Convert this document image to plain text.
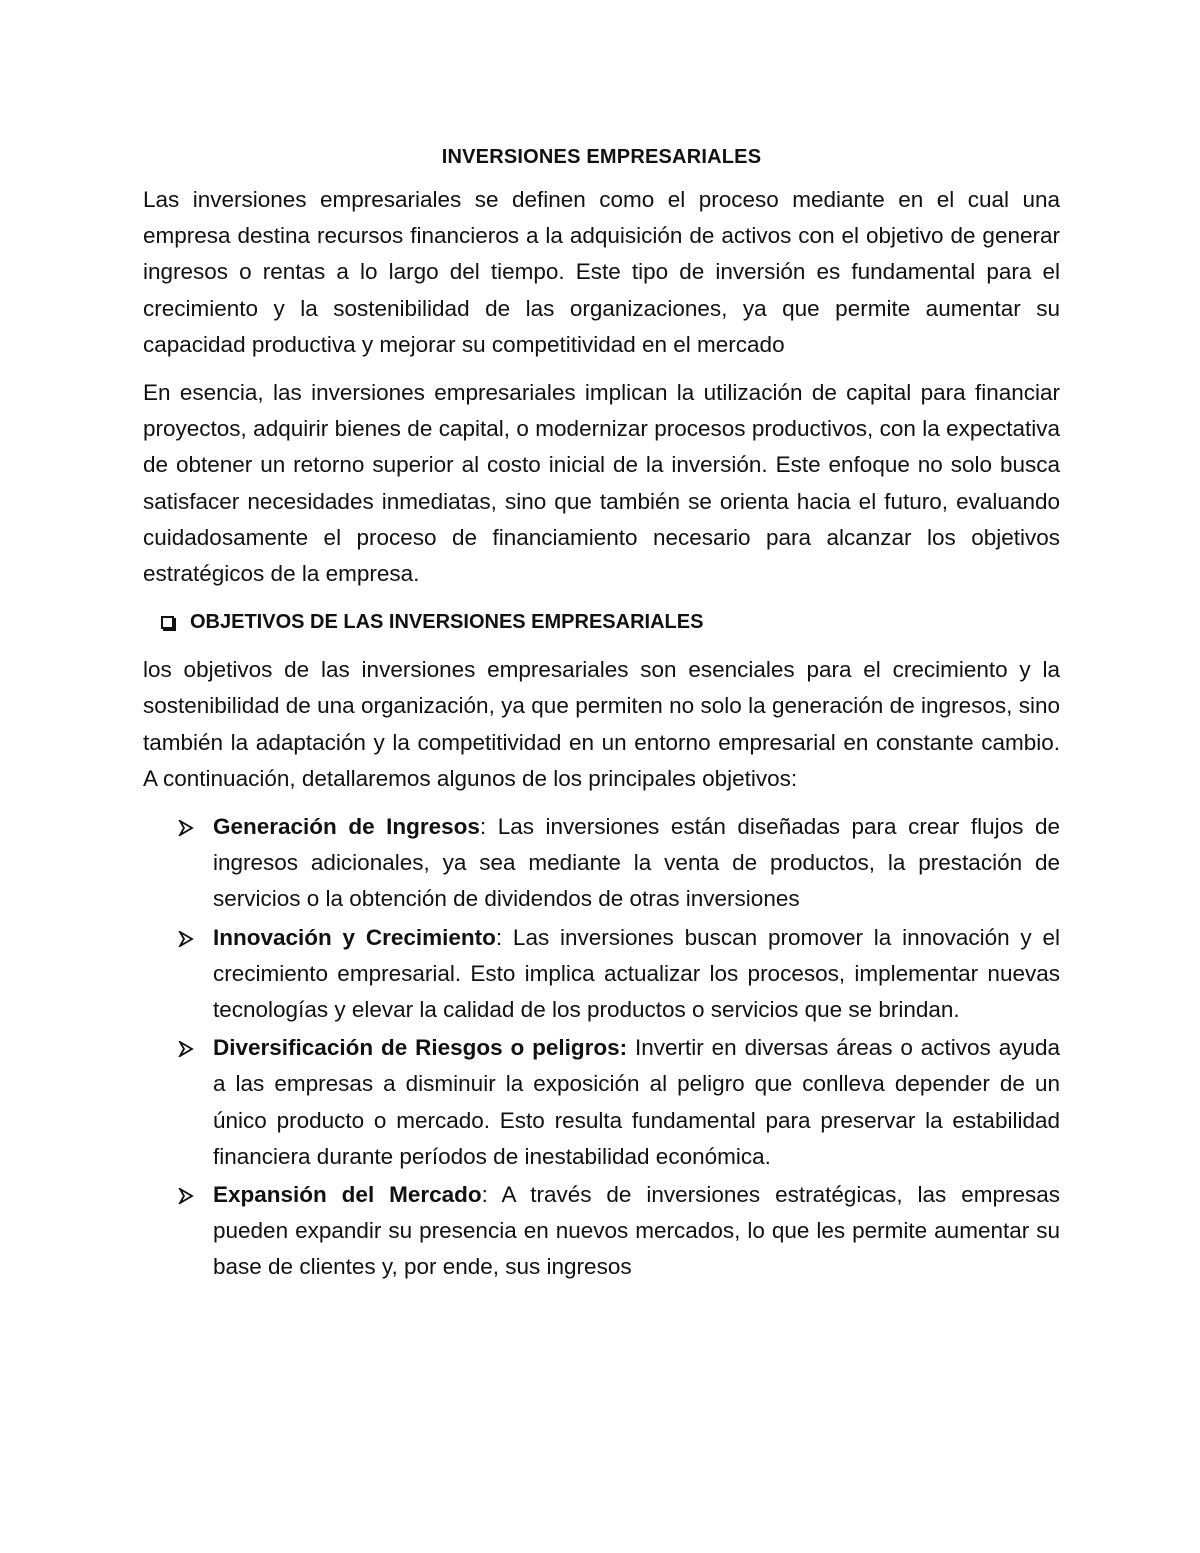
INVERSIONES EMPRESARIALES

Las inversiones empresariales se definen como el proceso mediante en el cual una empresa destina recursos financieros a la adquisición de activos con el objetivo de generar ingresos o rentas a lo largo del tiempo. Este tipo de inversión es fundamental para el crecimiento y la sostenibilidad de las organizaciones, ya que permite aumentar su capacidad productiva y mejorar su competitividad en el mercado

En esencia, las inversiones empresariales implican la utilización de capital para financiar proyectos, adquirir bienes de capital, o modernizar procesos productivos, con la expectativa de obtener un retorno superior al costo inicial de la inversión. Este enfoque no solo busca satisfacer necesidades inmediatas, sino que también se orienta hacia el futuro, evaluando cuidadosamente el proceso de financiamiento necesario para alcanzar los objetivos estratégicos de la empresa.

OBJETIVOS DE LAS INVERSIONES EMPRESARIALES

los objetivos de las inversiones empresariales son esenciales para el crecimiento y la sostenibilidad de una organización, ya que permiten no solo la generación de ingresos, sino también la adaptación y la competitividad en un entorno empresarial en constante cambio. A continuación, detallaremos algunos de los principales objetivos:

Generación de Ingresos: Las inversiones están diseñadas para crear flujos de ingresos adicionales, ya sea mediante la venta de productos, la prestación de servicios o la obtención de dividendos de otras inversiones
Innovación y Crecimiento: Las inversiones buscan promover la innovación y el crecimiento empresarial. Esto implica actualizar los procesos, implementar nuevas tecnologías y elevar la calidad de los productos o servicios que se brindan.
Diversificación de Riesgos o peligros: Invertir en diversas áreas o activos ayuda a las empresas a disminuir la exposición al peligro que conlleva depender de un único producto o mercado. Esto resulta fundamental para preservar la estabilidad financiera durante períodos de inestabilidad económica.
Expansión del Mercado: A través de inversiones estratégicas, las empresas pueden expandir su presencia en nuevos mercados, lo que les permite aumentar su base de clientes y, por ende, sus ingresos
